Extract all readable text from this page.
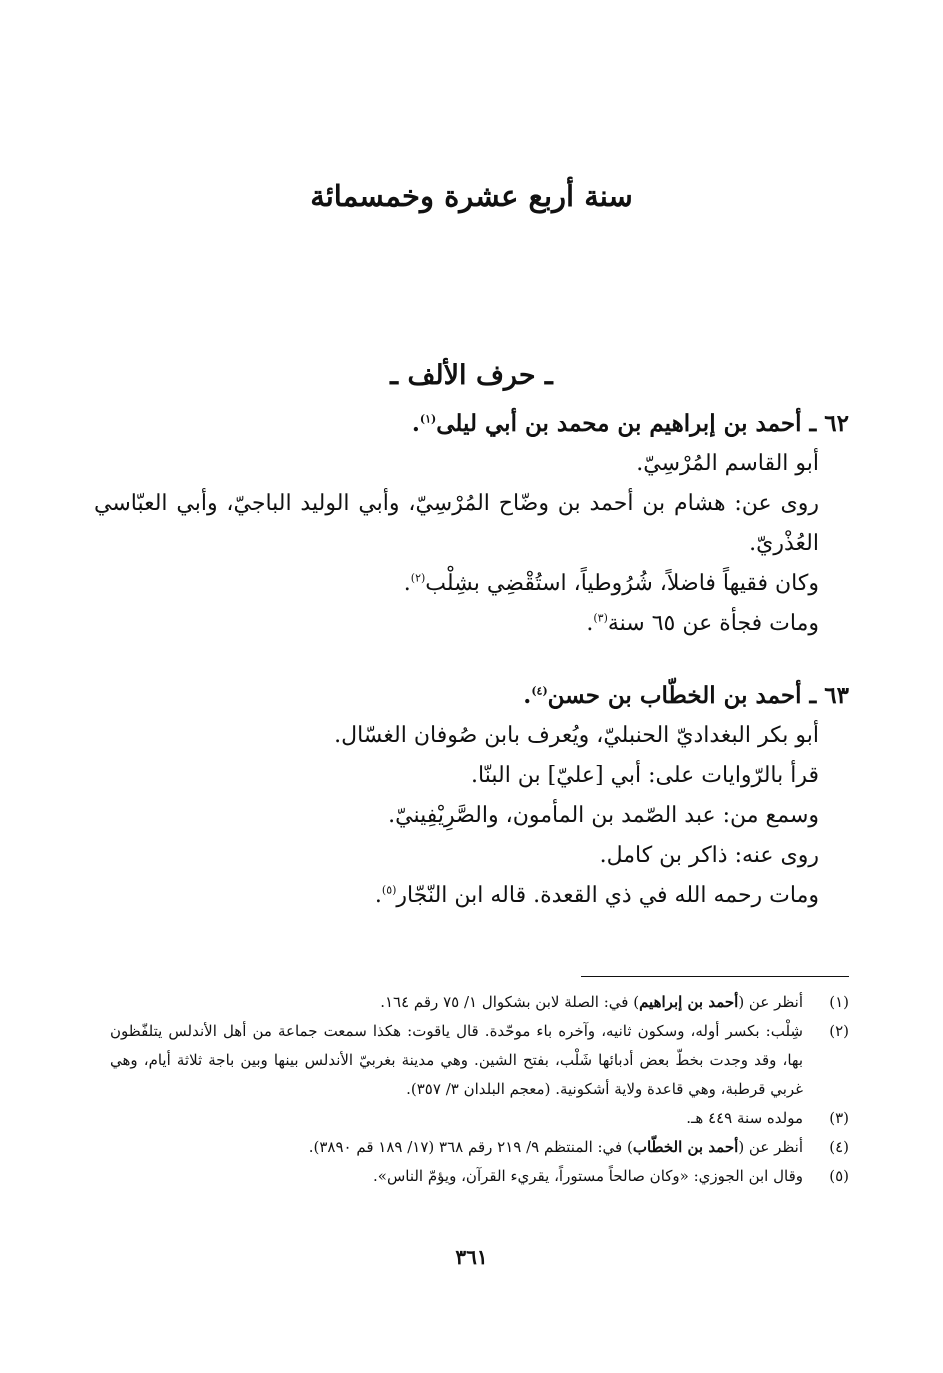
سنة أربع عشرة وخمسمائة
ـ حرف الألف ـ
٦٢ ـ أحمد بن إبراهيم بن محمد بن أبي ليلى$^{(١)}$.
أبو القاسم المُرْسِيّ.
روى عن: هشام بن أحمد بن وضّاح المُرْسِيّ، وأبي الوليد الباجيّ، وأبي العبّاسي العُذْريّ.
وكان فقيهاً فاضلاً، شُرُوطياً، استُقْضِي بشِلْب$^{(٢)}$.
ومات فجأة عن ٦٥ سنة$^{(٣)}$.
٦٣ ـ أحمد بن الخطّاب بن حسن$^{(٤)}$.
أبو بكر البغداديّ الحنبليّ، ويُعرف بابن صُوفان الغسّال.
قرأ بالرّوايات على: أبي [عليّ] بن البنّا.
وسمع من: عبد الصّمد بن المأمون، والصَّرِيْفِينيّ.
روى عنه: ذاكر بن كامل.
ومات رحمه الله في ذي القعدة. قاله ابن النّجّار$^{(٥)}$.
(١)
أنظر عن (أحمد بن إبراهيم) في: الصلة لابن بشكوال ١/ ٧٥ رقم ١٦٤.
(٢)
شِلْب: بكسر أوله، وسكون ثانيه، وآخره باء موحّدة. قال ياقوت: هكذا سمعت جماعة من أهل الأندلس يتلفّظون بها، وقد وجدت بخطّ بعض أدبائها شَلْب، بفتح الشين. وهي مدينة بغربيّ الأندلس بينها وبين باجة ثلاثة أيام، وهي غربي قرطبة، وهي قاعدة ولاية أشكونية. (معجم البلدان ٣/ ٣٥٧).
(٣)
مولده سنة ٤٤٩ هـ.
(٤)
أنظر عن (أحمد بن الخطّاب) في: المنتظم ٩/ ٢١٩ رقم ٣٦٨ (١٧/ ١٨٩ قم ٣٨٩٠).
(٥)
وقال ابن الجوزي: «وكان صالحاً مستوراً، يقريء القرآن، ويؤمّ الناس».
٣٦١
